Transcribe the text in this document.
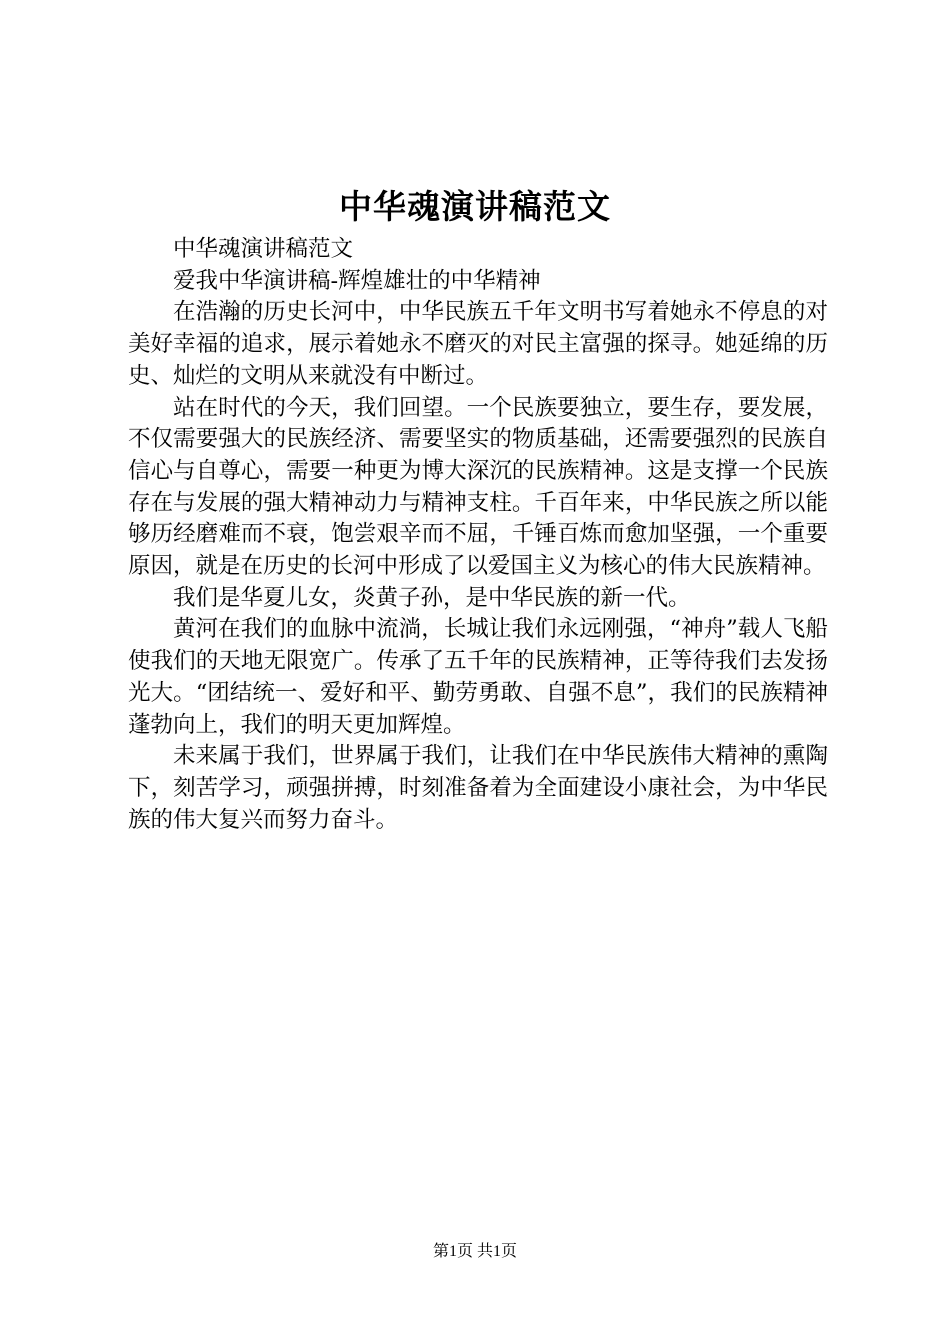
中华魂演讲稿范文

中华魂演讲稿范文

爱我中华演讲稿-辉煌雄壮的中华精神

在浩瀚的历史长河中，中华民族五千年文明书写着她永不停息的对美好幸福的追求，展示着她永不磨灭的对民主富强的探寻。她延绵的历史、灿烂的文明从来就没有中断过。

站在时代的今天，我们回望。一个民族要独立，要生存，要发展，不仅需要强大的民族经济、需要坚实的物质基础，还需要强烈的民族自信心与自尊心，需要一种更为博大深沉的民族精神。这是支撑一个民族存在与发展的强大精神动力与精神支柱。千百年来，中华民族之所以能够历经磨难而不衰，饱尝艰辛而不屈，千锤百炼而愈加坚强，一个重要原因，就是在历史的长河中形成了以爱国主义为核心的伟大民族精神。

我们是华夏儿女，炎黄子孙，是中华民族的新一代。

黄河在我们的血脉中流淌，长城让我们永远刚强，“神舟”载人飞船使我们的天地无限宽广。传承了五千年的民族精神，正等待我们去发扬光大。“团结统一、爱好和平、勤劳勇敢、自强不息”，我们的民族精神蓬勃向上，我们的明天更加辉煌。

未来属于我们，世界属于我们，让我们在中华民族伟大精神的熏陶下，刻苦学习，顽强拼搏，时刻准备着为全面建设小康社会，为中华民族的伟大复兴而努力奋斗。

第1页 共1页
